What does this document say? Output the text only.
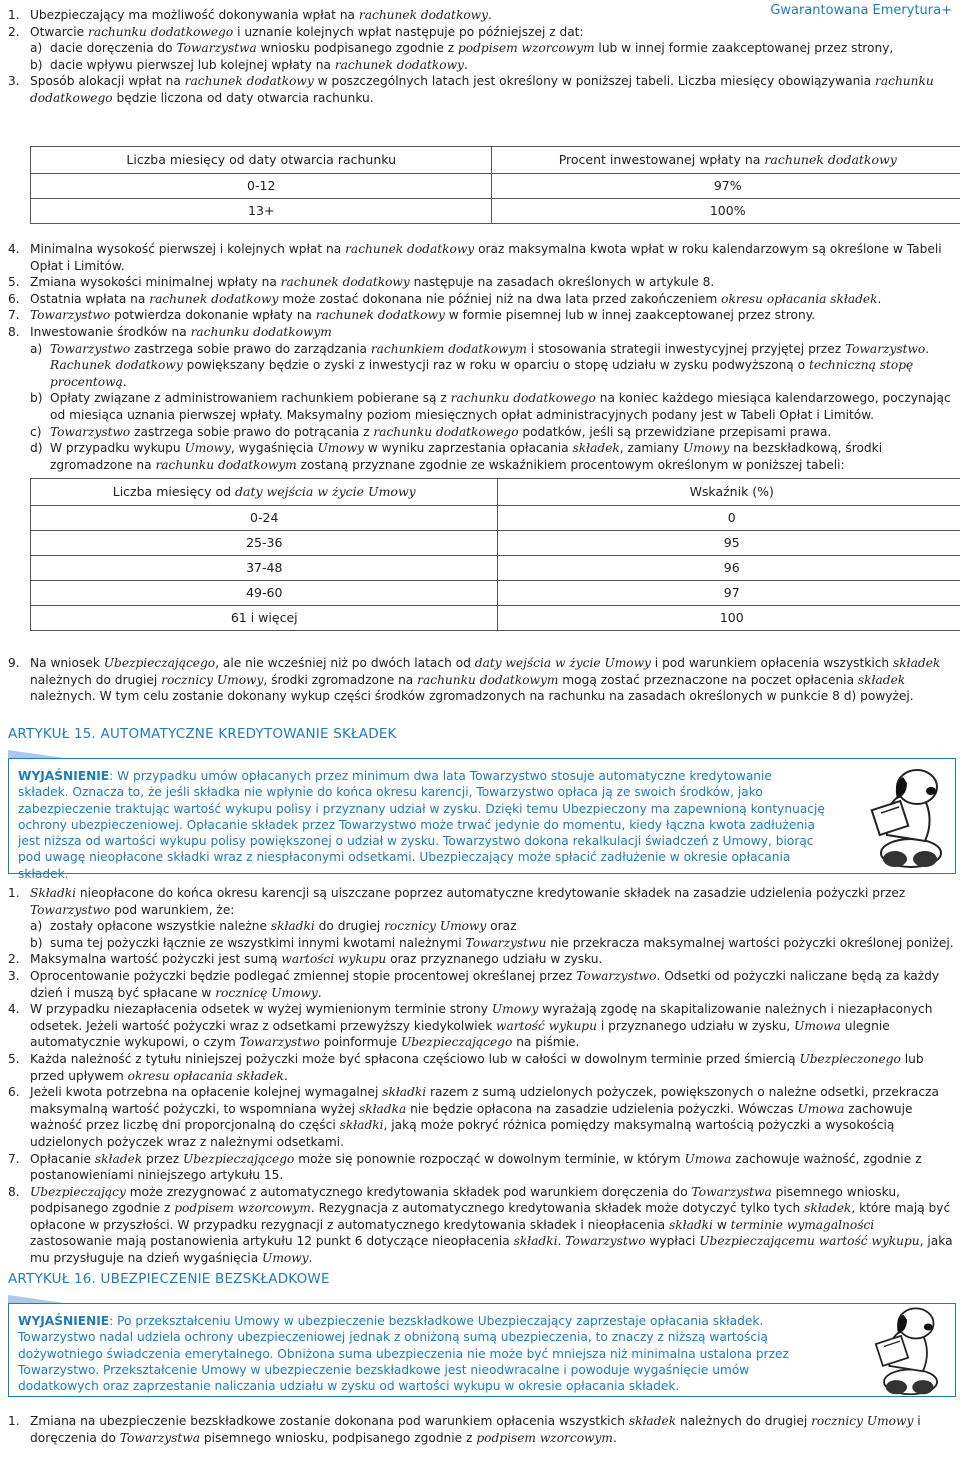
Gwarantowana Emerytura+
1. Ubezpieczający ma możliwość dokonywania wpłat na rachunek dodatkowy.
2. Otwarcie rachunku dodatkowego i uznanie kolejnych wpłat następuje po późniejszej z dat:
a) dacie doręczenia do Towarzystwa wniosku podpisanego zgodnie z podpisem wzorcowym lub w innej formie zaakceptowanej przez strony,
b) dacie wpływu pierwszej lub kolejnej wpłaty na rachunek dodatkowy.
3. Sposób alokacji wpłat na rachunek dodatkowy w poszczególnych latach jest określony w poniższej tabeli. Liczba miesięcy obowiązywania rachunku dodatkowego będzie liczona od daty otwarcia rachunku.
Liczba miesięcy od daty otwarcia rachunku	Procent inwestowanej wpłaty na rachunek dodatkowy
0-12	97%
13+	100%
4. Minimalna wysokość pierwszej i kolejnych wpłat na rachunek dodatkowy oraz maksymalna kwota wpłat w roku kalendarzowym są określone w Tabeli Opłat i Limitów.
5. Zmiana wysokości minimalnej wpłaty na rachunek dodatkowy następuje na zasadach określonych w artykule 8.
6. Ostatnia wpłata na rachunek dodatkowy może zostać dokonana nie później niż na dwa lata przed zakończeniem okresu opłacania składek.
7. Towarzystwo potwierdza dokonanie wpłaty na rachunek dodatkowy w formie pisemnej lub w innej zaakceptowanej przez strony.
8. Inwestowanie środków na rachunku dodatkowym
a) Towarzystwo zastrzega sobie prawo do zarządzania rachunkiem dodatkowym i stosowania strategii inwestycyjnej przyjętej przez Towarzystwo. Rachunek dodatkowy powiększany będzie o zyski z inwestycji raz w roku w oparciu o stopę udziału w zysku podwyższoną o techniczną stopę procentową.
b) Opłaty związane z administrowaniem rachunkiem pobierane są z rachunku dodatkowego na koniec każdego miesiąca kalendarzowego, poczynając od miesiąca uznania pierwszej wpłaty. Maksymalny poziom miesięcznych opłat administracyjnych podany jest w Tabeli Opłat i Limitów.
c) Towarzystwo zastrzega sobie prawo do potrącania z rachunku dodatkowego podatków, jeśli są przewidziane przepisami prawa.
d) W przypadku wykupu Umowy, wygaśnięcia Umowy w wyniku zaprzestania opłacania składek, zamiany Umowy na bezskładkową, środki zgromadzone na rachunku dodatkowym zostaną przyznane zgodnie ze wskaźnikiem procentowym określonym w poniższej tabeli:
Liczba miesięcy od daty wejścia w życie Umowy	Wskaźnik (%)
0-24	0
25-36	95
37-48	96
49-60	97
61 i więcej	100
9. Na wniosek Ubezpieczającego, ale nie wcześniej niż po dwóch latach od daty wejścia w życie Umowy i pod warunkiem opłacenia wszystkich składek należnych do drugiej rocznicy Umowy, środki zgromadzone na rachunku dodatkowym mogą zostać przeznaczone na poczet opłacenia składek należnych. W tym celu zostanie dokonany wykup części środków zgromadzonych na rachunku na zasadach określonych w punkcie 8 d) powyżej.
ARTYKUŁ 15. AUTOMATYCZNE KREDYTOWANIE SKŁADEK
WYJAŚNIENIE: W przypadku umów opłacanych przez minimum dwa lata Towarzystwo stosuje automatyczne kredytowanie składek. Oznacza to, że jeśli składka nie wpłynie do końca okresu karencji, Towarzystwo opłaca ją ze swoich środków, jako zabezpieczenie traktując wartość wykupu polisy i przyznany udział w zysku. Dzięki temu Ubezpieczony ma zapewnioną kontynuację ochrony ubezpieczeniowej. Opłacanie składek przez Towarzystwo może trwać jedynie do momentu, kiedy łączna kwota zadłużenia jest niższa od wartości wykupu polisy powiększonej o udział w zysku. Towarzystwo dokona rekalkulacji świadczeń z Umowy, biorąc pod uwagę nieopłacone składki wraz z niespłaconymi odsetkami. Ubezpieczający może spłacić zadłużenie w okresie opłacania składek.
1. Składki nieopłacone do końca okresu karencji są uiszczane poprzez automatyczne kredytowanie składek na zasadzie udzielenia pożyczki przez Towarzystwo pod warunkiem, że:
a) zostały opłacone wszystkie należne składki do drugiej rocznicy Umowy oraz
b) suma tej pożyczki łącznie ze wszystkimi innymi kwotami należnymi Towarzystwu nie przekracza maksymalnej wartości pożyczki określonej poniżej.
2. Maksymalna wartość pożyczki jest sumą wartości wykupu oraz przyznanego udziału w zysku.
3. Oprocentowanie pożyczki będzie podlegać zmiennej stopie procentowej określanej przez Towarzystwo. Odsetki od pożyczki naliczane będą za każdy dzień i muszą być spłacane w rocznicę Umowy.
4. W przypadku niezapłacenia odsetek w wyżej wymienionym terminie strony Umowy wyrażają zgodę na skapitalizowanie należnych i niezapłaconych odsetek. Jeżeli wartość pożyczki wraz z odsetkami przewyższy kiedykolwiek wartość wykupu i przyznanego udziału w zysku, Umowa ulegnie automatycznie wykupowi, o czym Towarzystwo poinformuje Ubezpieczającego na piśmie.
5. Każda należność z tytułu niniejszej pożyczki może być spłacona częściowo lub w całości w dowolnym terminie przed śmiercią Ubezpieczonego lub przed upływem okresu opłacania składek.
6. Jeżeli kwota potrzebna na opłacenie kolejnej wymagalnej składki razem z sumą udzielonych pożyczek, powiększonych o należne odsetki, przekracza maksymalną wartość pożyczki, to wspomniana wyżej składka nie będzie opłacona na zasadzie udzielenia pożyczki. Wówczas Umowa zachowuje ważność przez liczbę dni proporcjonalną do części składki, jaką może pokryć różnica pomiędzy maksymalną wartością pożyczki a wysokością udzielonych pożyczek wraz z należnymi odsetkami.
7. Opłacanie składek przez Ubezpieczającego może się ponownie rozpocząć w dowolnym terminie, w którym Umowa zachowuje ważność, zgodnie z postanowieniami niniejszego artykułu 15.
8. Ubezpieczający może zrezygnować z automatycznego kredytowania składek pod warunkiem doręczenia do Towarzystwa pisemnego wniosku, podpisanego zgodnie z podpisem wzorcowym. Rezygnacja z automatycznego kredytowania składek może dotyczyć tylko tych składek, które mają być opłacone w przyszłości. W przypadku rezygnacji z automatycznego kredytowania składek i nieopłacenia składki w terminie wymagalności zastosowanie mają postanowienia artykułu 12 punkt 6 dotyczące nieopłacenia składki. Towarzystwo wypłaci Ubezpieczającemu wartość wykupu, jaka mu przysługuje na dzień wygaśnięcia Umowy.
ARTYKUŁ 16. UBEZPIECZENIE BEZSKŁADKOWE
WYJAŚNIENIE: Po przekształceniu Umowy w ubezpieczenie bezskładkowe Ubezpieczający zaprzestaje opłacania składek. Towarzystwo nadal udziela ochrony ubezpieczeniowej jednak z obniżoną sumą ubezpieczenia, to znaczy z niższą wartością dożywotniego świadczenia emerytalnego. Obniżona suma ubezpieczenia nie może być mniejsza niż minimalna ustalona przez Towarzystwo. Przekształcenie Umowy w ubezpieczenie bezskładkowe jest nieodwracalne i powoduje wygaśnięcie umów dodatkowych oraz zaprzestanie naliczania udziału w zysku od wartości wykupu w okresie opłacania składek.
1. Zmiana na ubezpieczenie bezskładkowe zostanie dokonana pod warunkiem opłacenia wszystkich składek należnych do drugiej rocznicy Umowy i doręczenia do Towarzystwa pisemnego wniosku, podpisanego zgodnie z podpisem wzorcowym.
